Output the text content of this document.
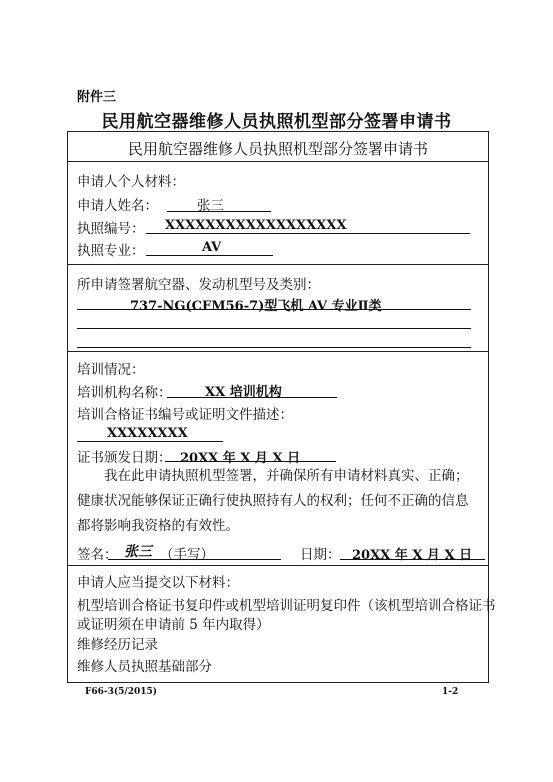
附件三
民用航空器维修人员执照机型部分签署申请书
民用航空器维修人员执照机型部分签署申请书
申请人个人材料：
申请人姓名：	张三
执照编号： XXXXXXXXXXXXXXXXXX
执照专业：	AV
所申请签署航空器、发动机型号及类别：
737-NG(CFM56-7)型飞机 AV 专业Ⅱ类
培训情况：
培训机构名称：	XX 培训机构
培训合格证书编号或证明文件描述：
XXXXXXXX
证书颁发日期： 20XX 年 X 月 X 日
我在此申请执照机型签署，并确保所有申请材料真实、正确；健康状况能够保证正确行使执照持有人的权利；任何不正确的信息都将影响我资格的有效性。
签名： 张三 （手写）	日期： 20XX 年 X 月 X 日
申请人应当提交以下材料：
机型培训合格证书复印件或机型培训证明复印件（该机型培训合格证书
或证明须在申请前 5 年内取得）
维修经历记录
维修人员执照基础部分
F66-3(5/2015)	1-2
